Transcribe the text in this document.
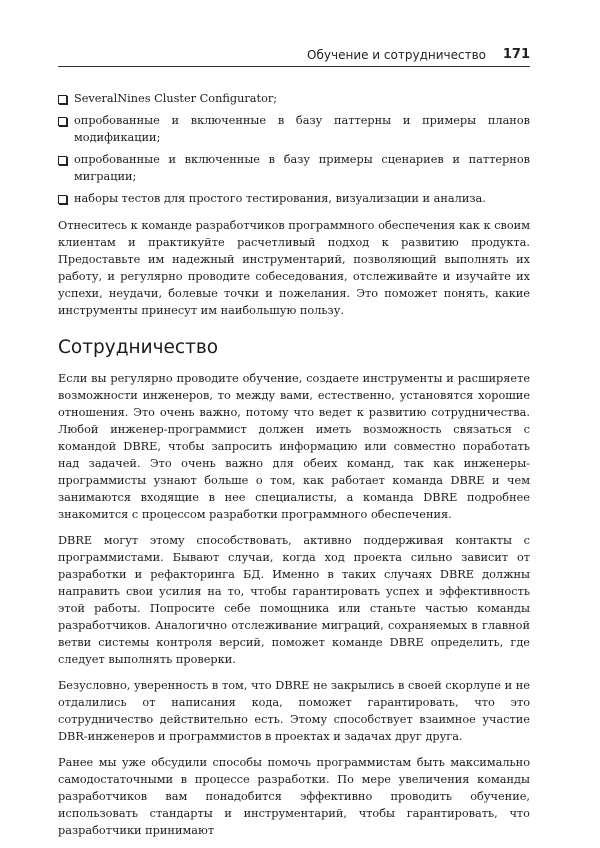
Обучение и сотрудничество 171
SeveralNines Cluster Configurator;
опробованные и включенные в базу паттерны и примеры планов модификации;
опробованные и включенные в базу примеры сценариев и паттернов миграции;
наборы тестов для простого тестирования, визуализации и анализа.

Отнеситесь к команде разработчиков программного обеспечения как к своим клиентам и практикуйте расчетливый подход к развитию продукта. Предоставьте им надежный инструментарий, позволяющий выполнять их работу, и регулярно проводите собеседования, отслеживайте и изучайте их успехи, неудачи, болевые точки и пожелания. Это поможет понять, какие инструменты принесут им наибольшую пользу.

Сотрудничество

Если вы регулярно проводите обучение, создаете инструменты и расширяете возможности инженеров, то между вами, естественно, установятся хорошие отношения. Это очень важно, потому что ведет к развитию сотрудничества. Любой инженер-программист должен иметь возможность связаться с командой DBRE, чтобы запросить информацию или совместно поработать над задачей. Это очень важно для обеих команд, так как инженеры-программисты узнают больше о том, как работает команда DBRE и чем занимаются входящие в нее специалисты, а команда DBRE подробнее знакомится с процессом разработки программного обеспечения.

DBRE могут этому способствовать, активно поддерживая контакты с программистами. Бывают случаи, когда ход проекта сильно зависит от разработки и рефакторинга БД. Именно в таких случаях DBRE должны направить свои усилия на то, чтобы гарантировать успех и эффективность этой работы. Попросите себе помощника или станьте частью команды разработчиков. Аналогично отслеживание миграций, сохраняемых в главной ветви системы контроля версий, поможет команде DBRE определить, где следует выполнять проверки.

Безусловно, уверенность в том, что DBRE не закрылись в своей скорлупе и не отдалились от написания кода, поможет гарантировать, что это сотрудничество действительно есть. Этому способствует взаимное участие DBR-инженеров и программистов в проектах и задачах друг друга.

Ранее мы уже обсудили способы помочь программистам быть максимально самодостаточными в процессе разработки. По мере увеличения команды разработчиков вам понадобится эффективно проводить обучение, использовать стандарты и инструментарий, чтобы гарантировать, что разработчики принимают
